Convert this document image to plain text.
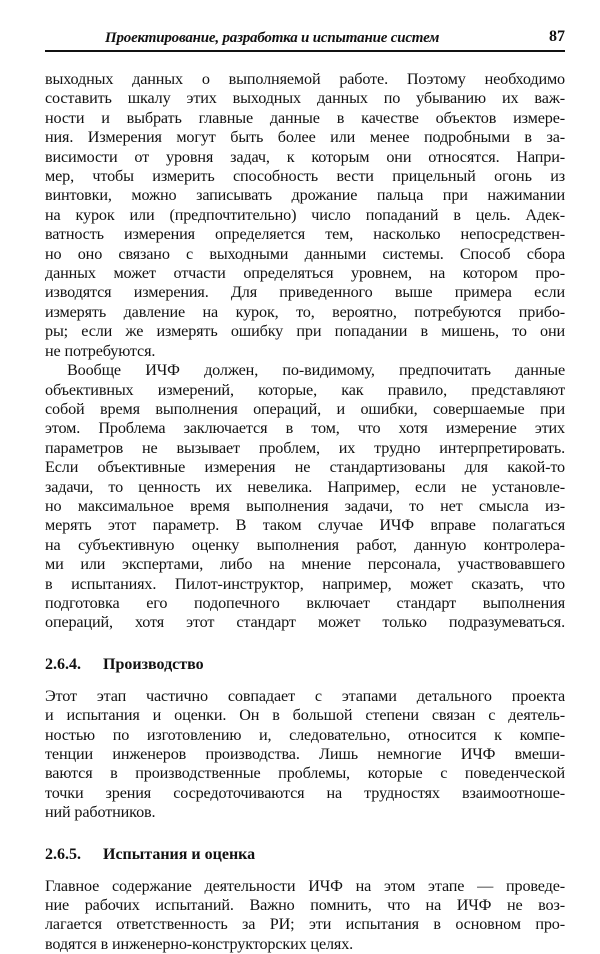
Проектирование, разработка и испытание систем	87

выходных данных о выполняемой работе. Поэтому необходимо
составить шкалу этих выходных данных по убыванию их важ-
ности и выбрать главные данные в качестве объектов измере-
ния. Измерения могут быть более или менее подробными в за-
висимости от уровня задач, к которым они относятся. Напри-
мер, чтобы измерить способность вести прицельный огонь из
винтовки, можно записывать дрожание пальца при нажимании
на курок или (предпочтительно) число попаданий в цель. Адек-
ватность измерения определяется тем, насколько непосредствен-
но оно связано с выходными данными системы. Способ сбора
данных может отчасти определяться уровнем, на котором про-
изводятся измерения. Для приведенного выше примера если
измерять давление на курок, то, вероятно, потребуются прибо-
ры; если же измерять ошибку при попадании в мишень, то они
не потребуются.

Вообще ИЧФ должен, по-видимому, предпочитать данные
объективных измерений, которые, как правило, представляют
собой время выполнения операций, и ошибки, совершаемые при
этом. Проблема заключается в том, что хотя измерение этих
параметров не вызывает проблем, их трудно интерпретировать.
Если объективные измерения не стандартизованы для какой-то
задачи, то ценность их невелика. Например, если не установле-
но максимальное время выполнения задачи, то нет смысла из-
мерять этот параметр. В таком случае ИЧФ вправе полагаться
на субъективную оценку выполнения работ, данную контролера-
ми или экспертами, либо на мнение персонала, участвовавшего
в испытаниях. Пилот-инструктор, например, может сказать, что
подготовка его подопечного включает стандарт выполнения
операций, хотя этот стандарт может только подразумеваться.

2.6.4. Производство

Этот этап частично совпадает с этапами детального проекта
и испытания и оценки. Он в большой степени связан с деятель-
ностью по изготовлению и, следовательно, относится к компе-
тенции инженеров производства. Лишь немногие ИЧФ вмеши-
ваются в производственные проблемы, которые с поведенческой
точки зрения сосредоточиваются на трудностях взаимоотноше-
ний работников.

2.6.5. Испытания и оценка

Главное содержание деятельности ИЧФ на этом этапе — проведе-
ние рабочих испытаний. Важно помнить, что на ИЧФ не воз-
лагается ответственность за РИ; эти испытания в основном про-
водятся в инженерно-конструкторских целях.
